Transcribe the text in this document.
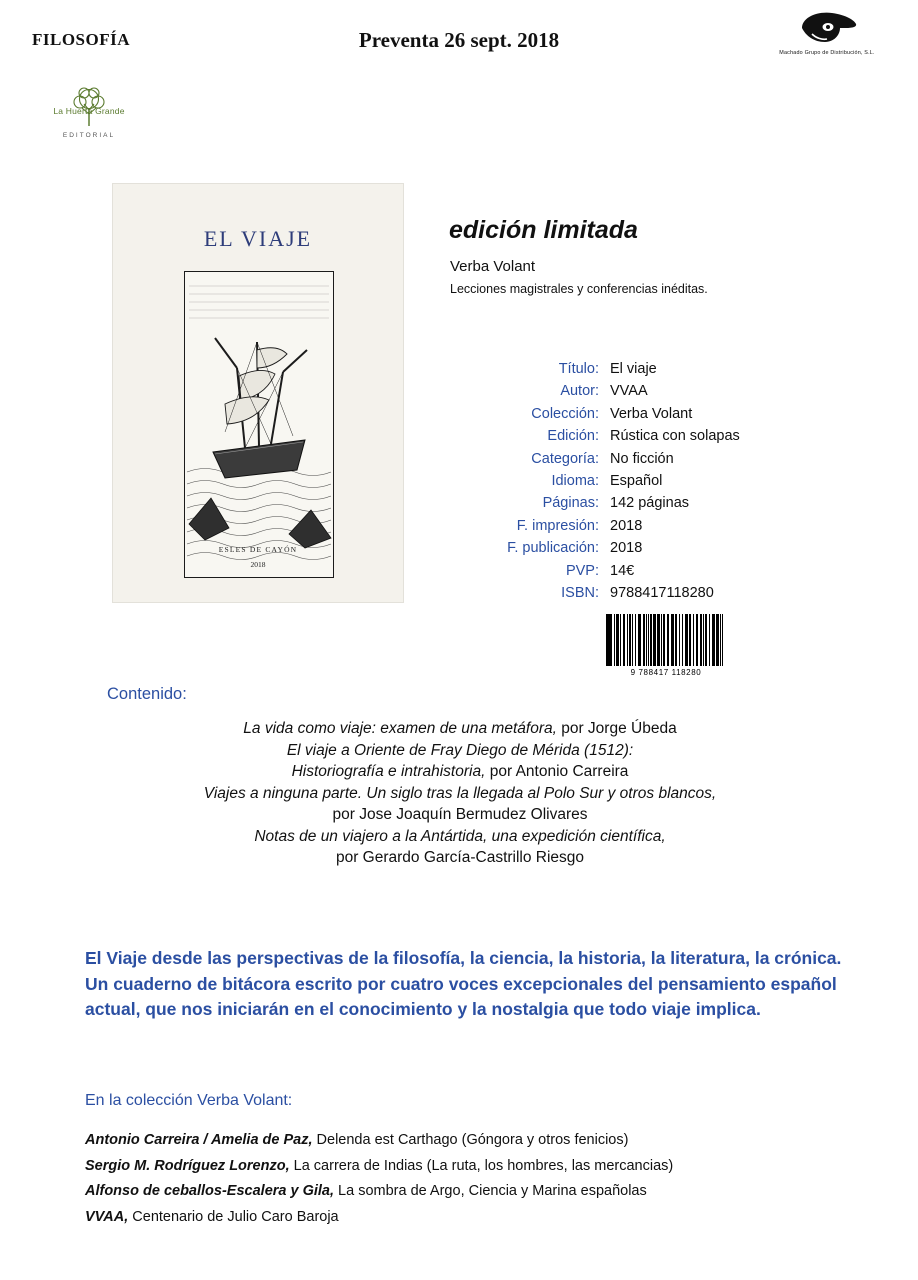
FILOSOFÍA	Preventa 26 sept. 2018
Machado Grupo de Distribución, S.L.
La Huerta Grande
EDITORIAL
EL VIAJE
ESLES DE CAYÓN
2018
edición limitada
Verba Volant
Lecciones magistrales y conferencias inéditas.
Título:	El viaje
Autor:	VVAA
Colección:	Verba Volant
Edición:	Rústica con solapas
Categoría:	No ficción
Idioma:	Español
Páginas:	142 páginas
F. impresión:	2018
F. publicación:	2018
PVP:	14€
ISBN:	9788417118280
9 788417 118280
Contenido:
La vida como viaje: examen de una metáfora, por Jorge Úbeda
El viaje a Oriente de Fray Diego de Mérida (1512):
Historiografía e intrahistoria, por Antonio Carreira
Viajes a ninguna parte. Un siglo tras la llegada al Polo Sur y otros blancos,
por Jose Joaquín Bermudez Olivares
Notas de un viajero a la Antártida, una expedición científica,
por Gerardo García-Castrillo Riesgo
El Viaje desde las perspectivas de la filosofía, la ciencia, la historia, la literatura, la crónica. Un cuaderno de bitácora escrito por cuatro voces excepcionales del pensamiento español actual, que nos iniciarán en el conocimiento y la nostalgia que todo viaje implica.
En la colección Verba Volant:
Antonio Carreira / Amelia de Paz, Delenda est Carthago (Góngora y otros fenicios)
Sergio M. Rodríguez Lorenzo, La carrera de Indias (La ruta, los hombres, las mercancias)
Alfonso de ceballos-Escalera y Gila, La sombra de Argo, Ciencia y Marina españolas
VVAA, Centenario de Julio Caro Baroja
